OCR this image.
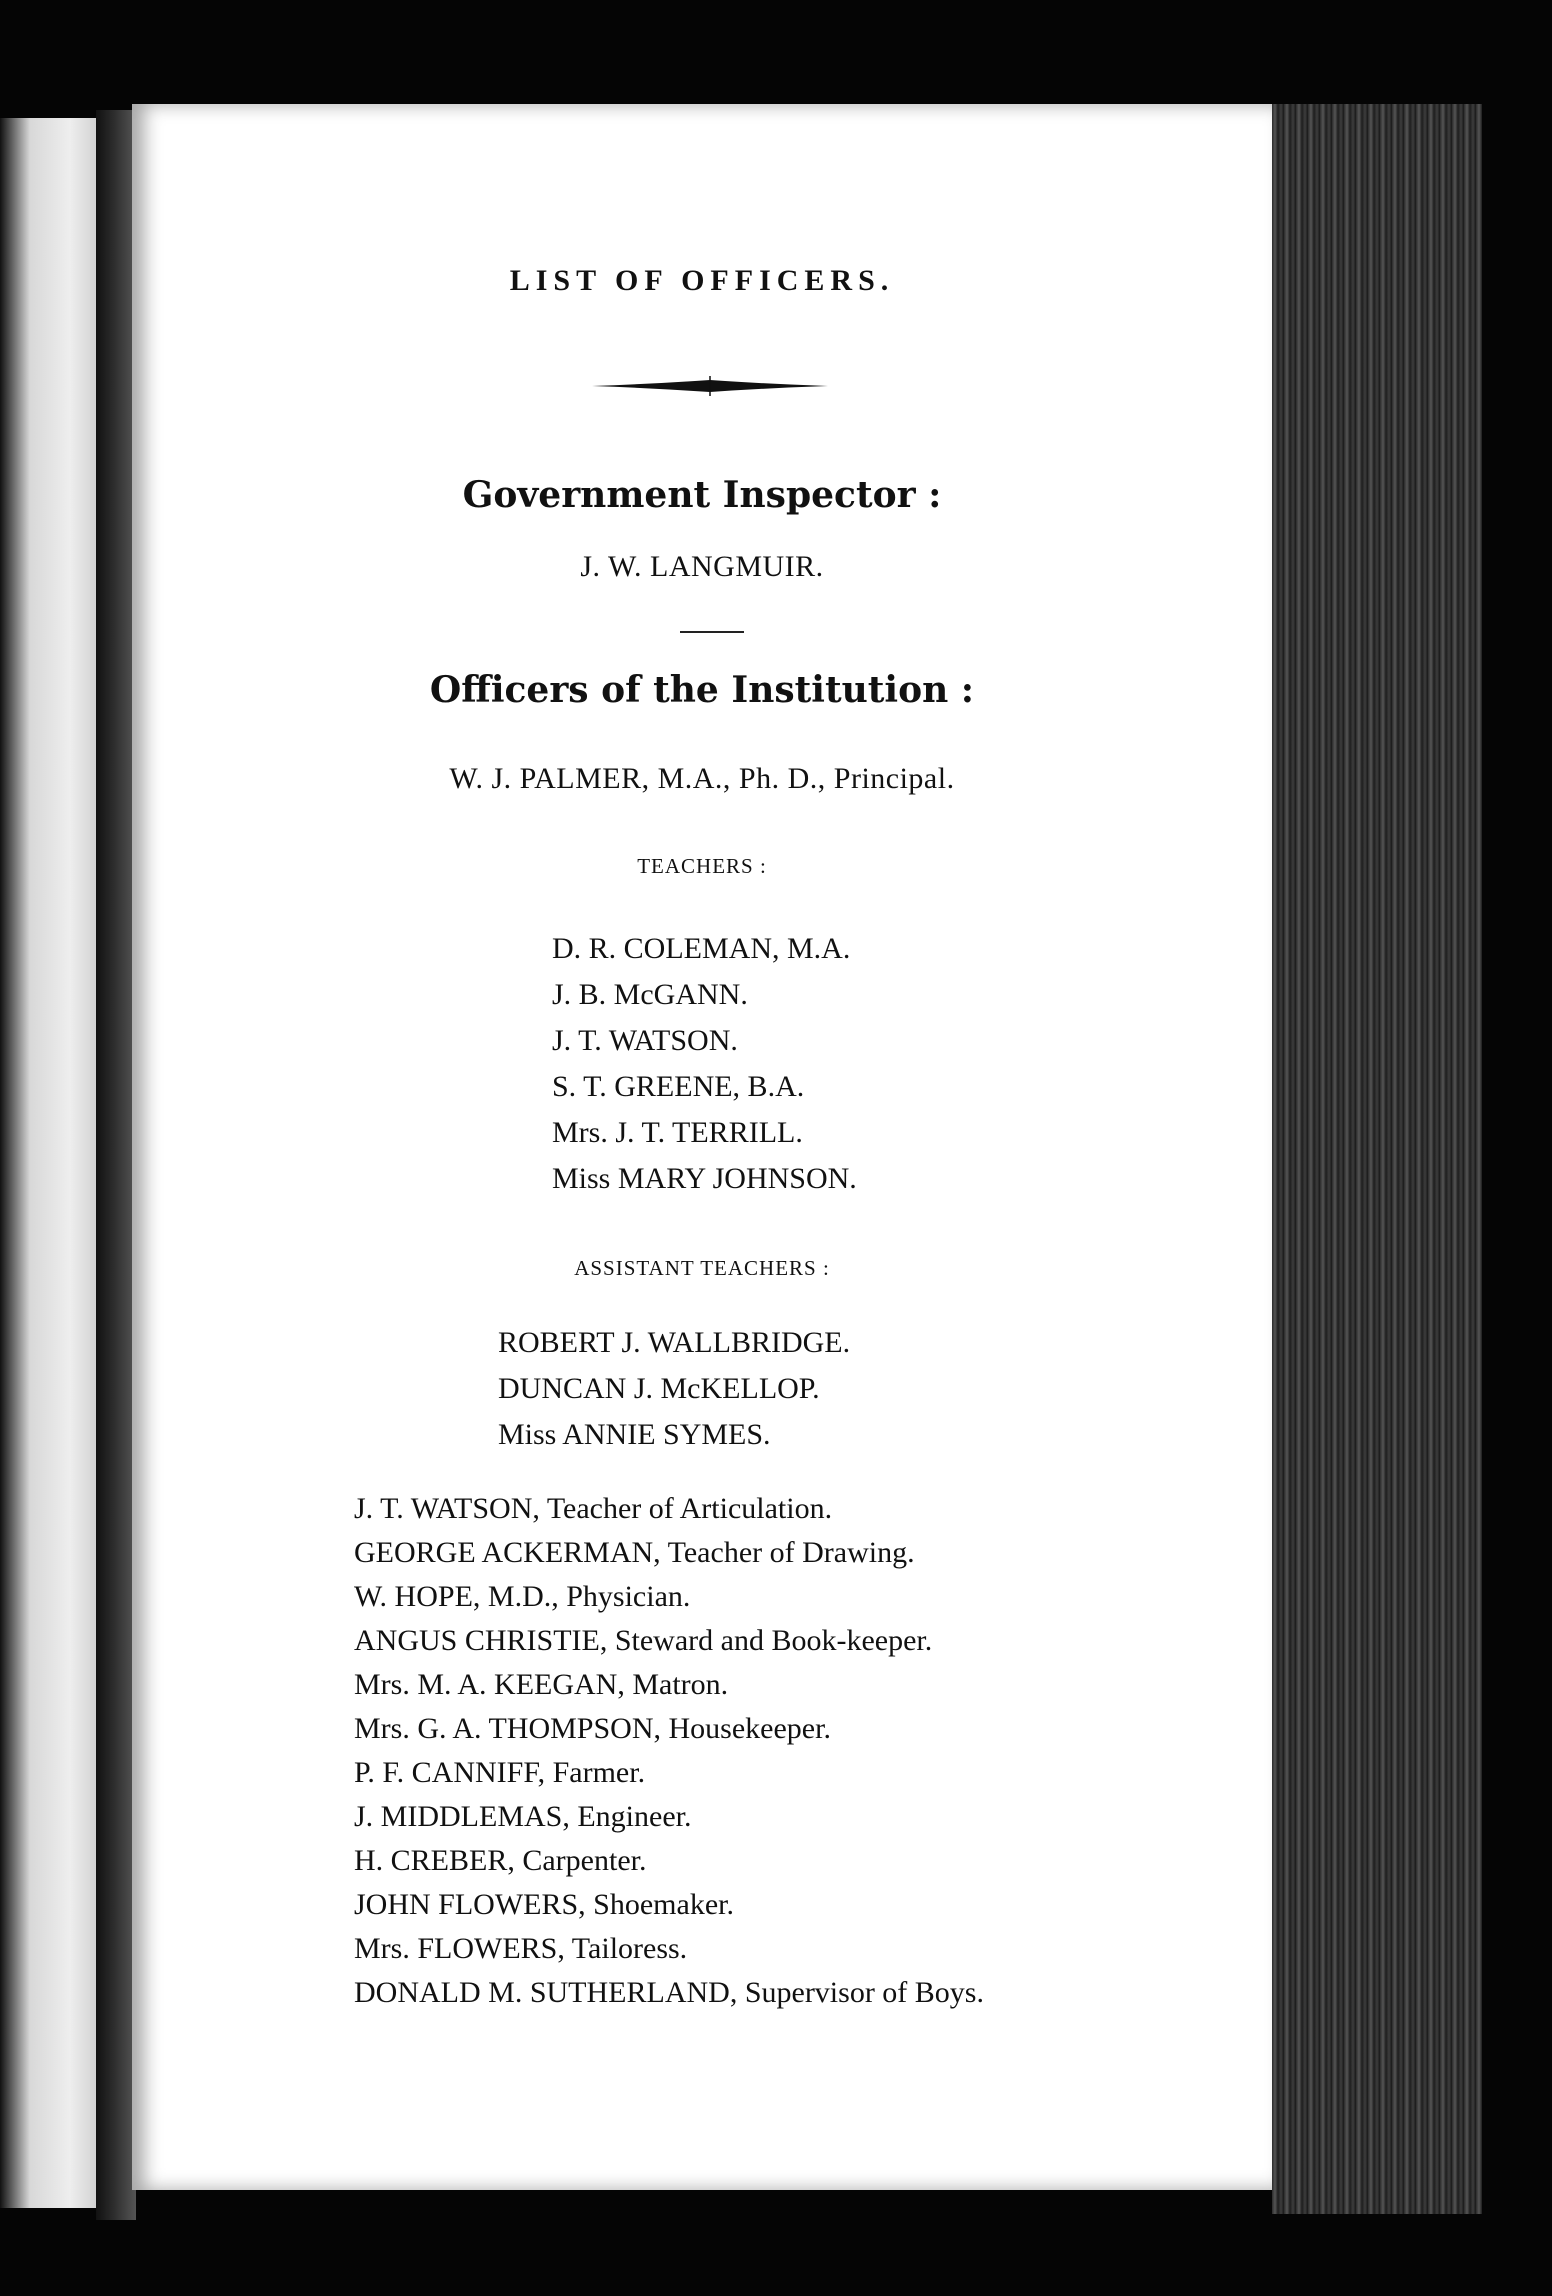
LIST OF OFFICERS.
Government Inspector :
J. W. LANGMUIR.
Officers of the Institution :
W. J. PALMER, M.A., Ph. D., Principal.
TEACHERS :
D. R. COLEMAN, M.A.
J. B. McGANN.
J. T. WATSON.
S. T. GREENE, B.A.
Mrs. J. T. TERRILL.
Miss MARY JOHNSON.
ASSISTANT TEACHERS :
ROBERT J. WALLBRIDGE.
DUNCAN J. McKELLOP.
Miss ANNIE SYMES.
J. T. WATSON, Teacher of Articulation.
GEORGE ACKERMAN, Teacher of Drawing.
W. HOPE, M.D., Physician.
ANGUS CHRISTIE, Steward and Book-keeper.
Mrs. M. A. KEEGAN, Matron.
Mrs. G. A. THOMPSON, Housekeeper.
P. F. CANNIFF, Farmer.
J. MIDDLEMAS, Engineer.
H. CREBER, Carpenter.
JOHN FLOWERS, Shoemaker.
Mrs. FLOWERS, Tailoress.
DONALD M. SUTHERLAND, Supervisor of Boys.
